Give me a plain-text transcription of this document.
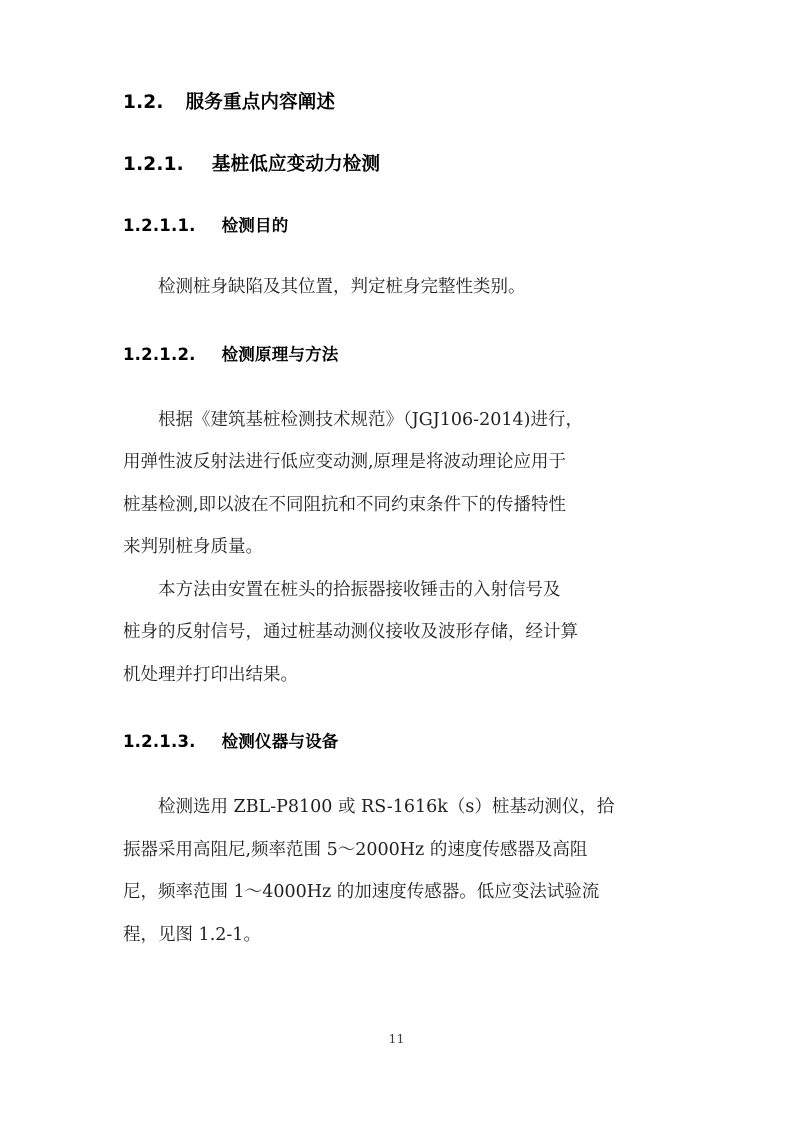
1.2. 服务重点内容阐述
1.2.1. 基桩低应变动力检测
1.2.1.1. 检测目的

检测桩身缺陷及其位置，判定桩身完整性类别。

1.2.1.2. 检测原理与方法

根据《建筑基桩检测技术规范》（JGJ106-2014)进行，
用弹性波反射法进行低应变动测,原理是将波动理论应用于
桩基检测,即以波在不同阻抗和不同约束条件下的传播特性
来判别桩身质量。

本方法由安置在桩头的拾振器接收锤击的入射信号及
桩身的反射信号，通过桩基动测仪接收及波形存储，经计算
机处理并打印出结果。

1.2.1.3. 检测仪器与设备

检测选用 ZBL-P8100 或 RS-1616k（s）桩基动测仪，拾
振器采用高阻尼,频率范围 5～2000Hz 的速度传感器及高阻
尼，频率范围 1～4000Hz 的加速度传感器。低应变法试验流
程，见图 1.2-1。

11
